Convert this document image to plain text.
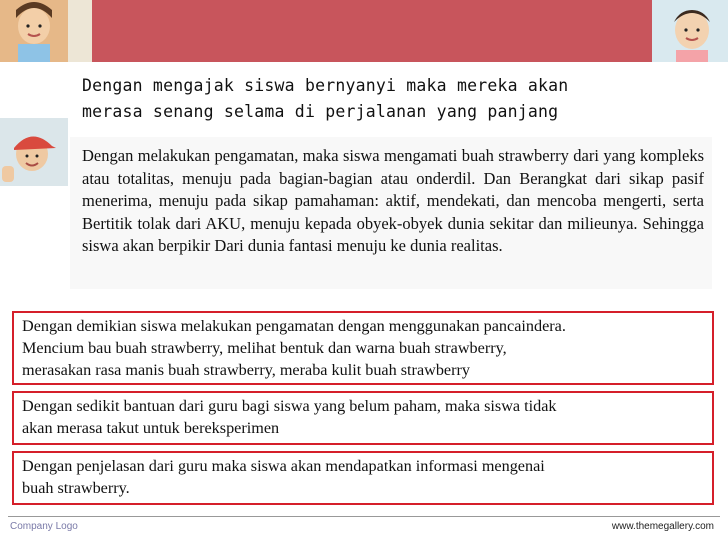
Dengan mengajak siswa bernyanyi maka mereka akan
merasa senang selama di perjalanan yang panjang
Dengan melakukan pengamatan, maka siswa mengamati buah strawberry dari yang kompleks atau totalitas, menuju pada bagian-bagian atau onderdil. Dan Berangkat dari sikap pasif menerima, menuju pada sikap pamahaman: aktif, mendekati, dan mencoba mengerti, serta Bertitik tolak dari AKU, menuju kepada obyek-obyek dunia sekitar dan milieunya. Sehingga siswa akan berpikir Dari dunia fantasi menuju ke dunia realitas.
Dengan demikian siswa melakukan pengamatan dengan menggunakan pancaindera.
Mencium bau buah strawberry, melihat bentuk dan warna buah strawberry,
merasakan rasa manis buah strawberry, meraba kulit buah strawberry
Dengan sedikit bantuan dari guru bagi siswa yang belum paham, maka siswa tidak
akan merasa takut untuk bereksperimen
Dengan penjelasan dari guru maka siswa akan mendapatkan informasi mengenai
buah strawberry.
Company Logo	www.themegallery.com
